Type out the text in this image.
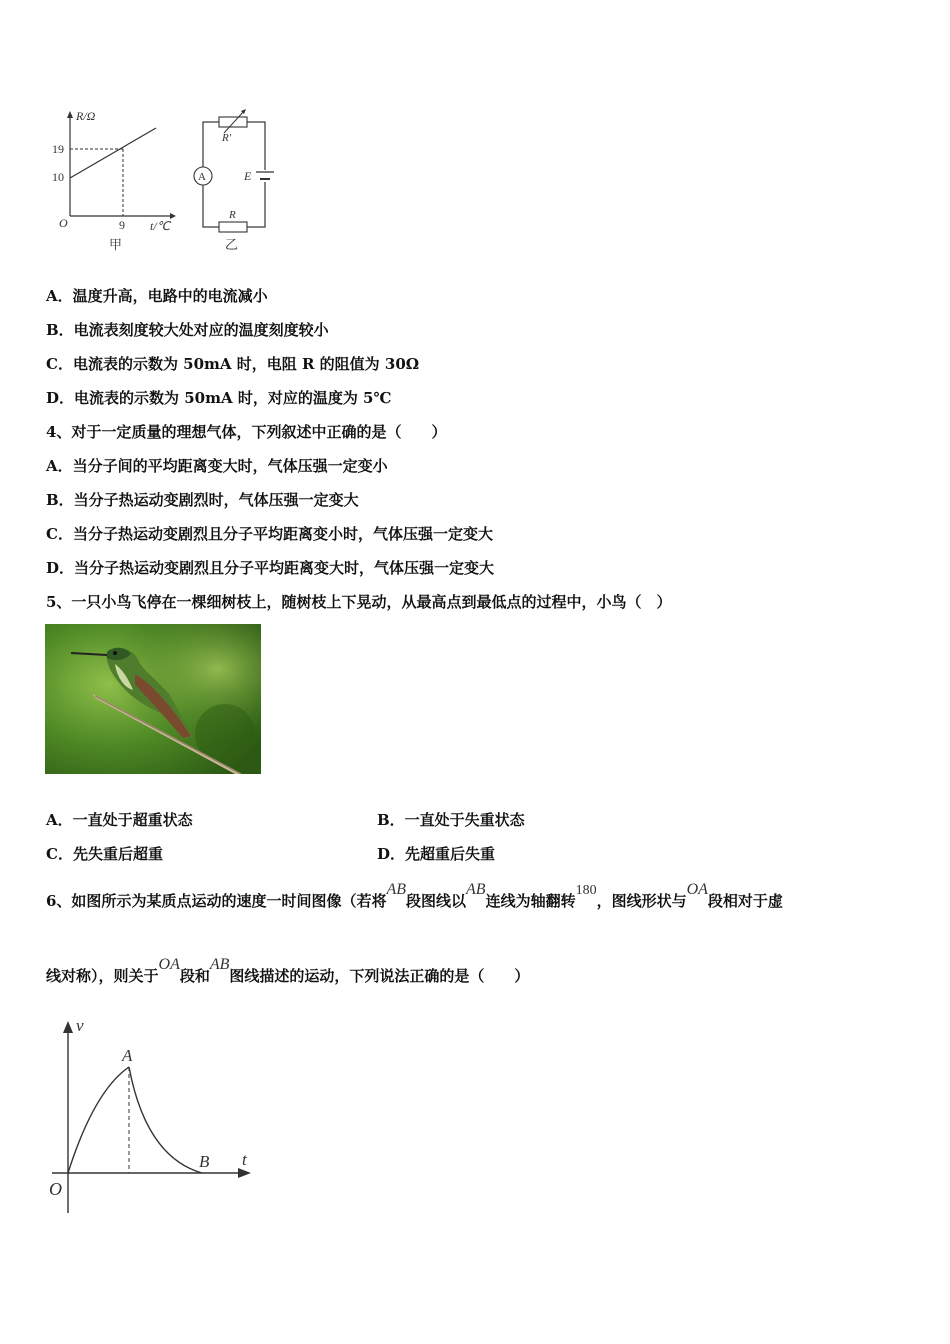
R/Ω
19
10
O	9 t/℃
甲
R′
A	E
R
乙
A．温度升高，电路中的电流减小
B．电流表刻度较大处对应的温度刻度较小
C．电流表的示数为 50mA 时，电阻 R 的阻值为 30Ω
D．电流表的示数为 50mA 时，对应的温度为 5℃
4、对于一定质量的理想气体，下列叙述中正确的是（　　）
A．当分子间的平均距离变大时，气体压强一定变小
B．当分子热运动变剧烈时，气体压强一定变大
C．当分子热运动变剧烈且分子平均距离变小时，气体压强一定变大
D．当分子热运动变剧烈且分子平均距离变大时，气体压强一定变大
5、一只小鸟飞停在一棵细树枝上，随树枝上下晃动，从最高点到最低点的过程中，小鸟（　）
A．一直处于超重状态	B．一直处于失重状态
C．先失重后超重	D．先超重后失重
6、如图所示为某质点运动的速度一时间图像（若将AB段图线以AB连线为轴翻转180，图线形状与OA段相对于虚
线对称），则关于OA段和AB图线描述的运动，下列说法正确的是（　　）
v
t
O
A
B
